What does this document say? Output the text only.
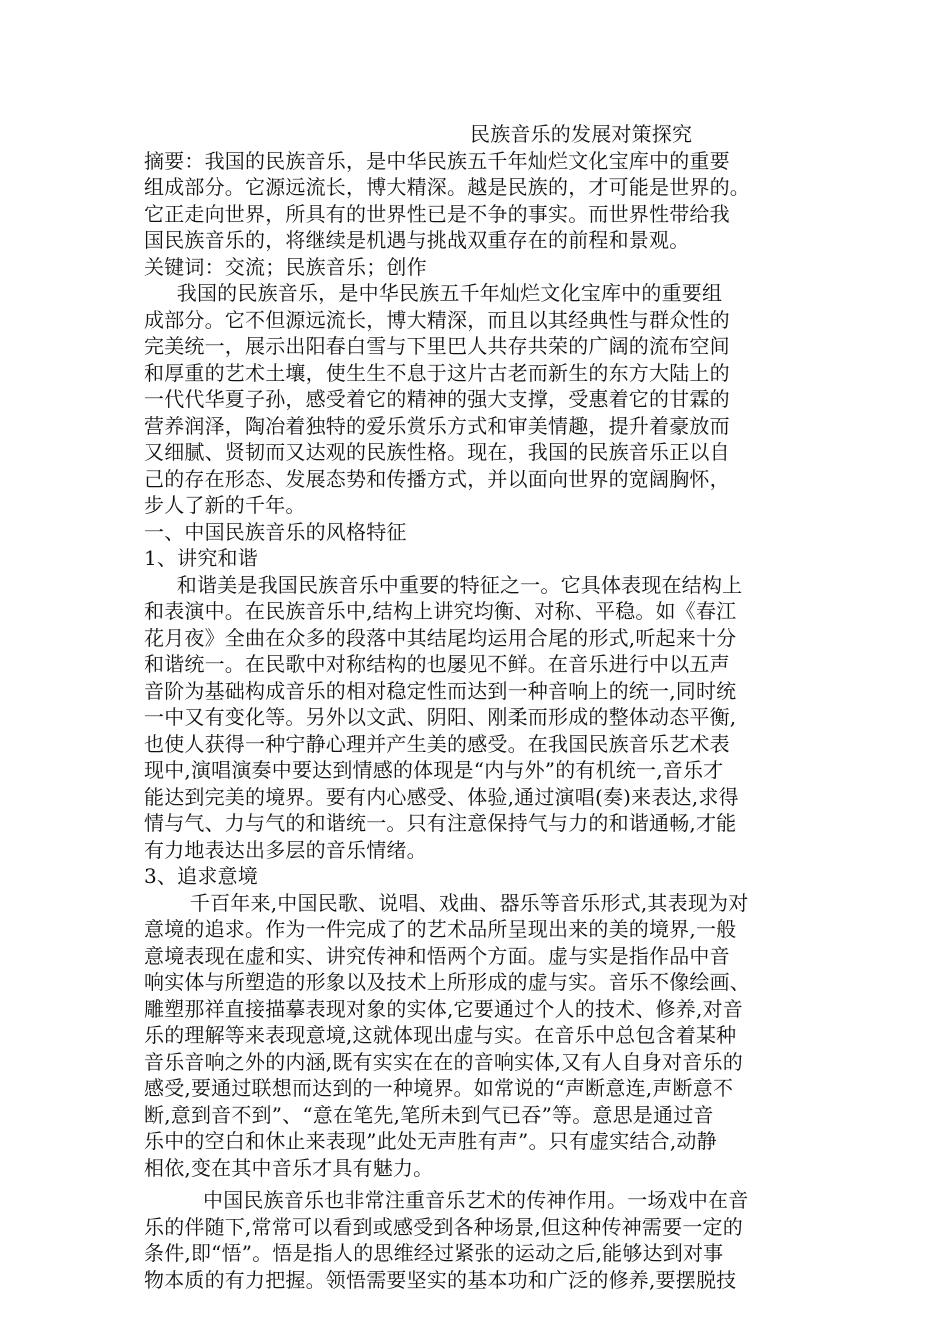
民族音乐的发展对策探究
摘要：我国的民族音乐，是中华民族五千年灿烂文化宝库中的重要
组成部分。它源远流长，博大精深。越是民族的，才可能是世界的。
它正走向世界，所具有的世界性已是不争的事实。而世界性带给我
国民族音乐的，将继续是机遇与挑战双重存在的前程和景观。
关键词：交流；民族音乐；创作
我国的民族音乐，是中华民族五千年灿烂文化宝库中的重要组
成部分。它不但源远流长，博大精深，而且以其经典性与群众性的
完美统一，展示出阳春白雪与下里巴人共存共荣的广阔的流布空间
和厚重的艺术土壤，使生生不息于这片古老而新生的东方大陆上的
一代代华夏子孙，感受着它的精神的强大支撑，受惠着它的甘霖的
营养润泽，陶冶着独特的爱乐赏乐方式和审美情趣，提升着豪放而
又细腻、贤韧而又达观的民族性格。现在，我国的民族音乐正以自
己的存在形态、发展态势和传播方式，并以面向世界的宽阔胸怀，
步人了新的千年。
一、中国民族音乐的风格特征
1、讲究和谐
和谐美是我国民族音乐中重要的特征之一。它具体表现在结构上
和表演中。在民族音乐中,结构上讲究均衡、对称、平稳。如《春江
花月夜》全曲在众多的段落中其结尾均运用合尾的形式,听起来十分
和谐统一。在民歌中对称结构的也屡见不鲜。在音乐进行中以五声
音阶为基础构成音乐的相对稳定性而达到一种音响上的统一,同时统
一中又有变化等。另外以文武、阴阳、刚柔而形成的整体动态平衡,
也使人获得一种宁静心理并产生美的感受。在我国民族音乐艺术表
现中,演唱演奏中要达到情感的体现是“内与外”的有机统一,音乐才
能达到完美的境界。要有内心感受、体验,通过演唱(奏)来表达,求得
情与气、力与气的和谐统一。只有注意保持气与力的和谐通畅,才能
有力地表达出多层的音乐情绪。
3、追求意境
千百年来,中国民歌、说唱、戏曲、器乐等音乐形式,其表现为对
意境的追求。作为一件完成了的艺术品所呈现出来的美的境界,一般
意境表现在虚和实、讲究传神和悟两个方面。虚与实是指作品中音
响实体与所塑造的形象以及技术上所形成的虚与实。音乐不像绘画、
雕塑那祥直接描摹表现对象的实体,它要通过个人的技术、修养,对音
乐的理解等来表现意境,这就体现出虚与实。在音乐中总包含着某种
音乐音响之外的内涵,既有实实在在的音响实体,又有人自身对音乐的
感受,要通过联想而达到的一种境界。如常说的“声断意连,声断意不
断,意到音不到”、“意在笔先,笔所未到气已吞”等。意思是通过音
乐中的空白和休止来表现”此处无声胜有声”。只有虚实结合,动静
相依,变在其中音乐才具有魅力。
中国民族音乐也非常注重音乐艺术的传神作用。一场戏中在音
乐的伴随下,常常可以看到或感受到各种场景,但这种传神需要一定的
条件,即“悟”。悟是指人的思维经过紧张的运动之后,能够达到对事
物本质的有力把握。领悟需要坚实的基本功和广泛的修养,要摆脱技
